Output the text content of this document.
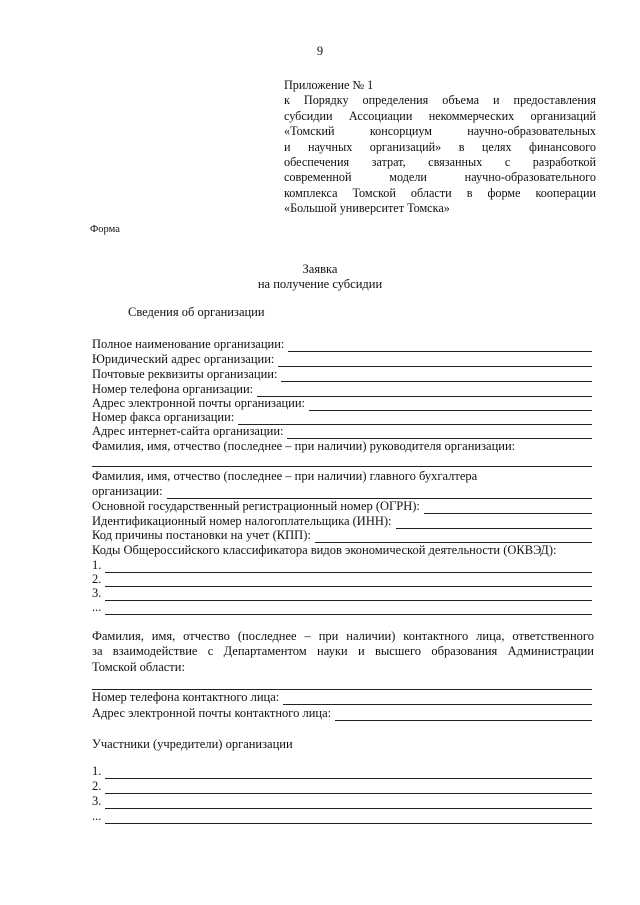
9
Приложение № 1
к Порядку определения объема и предоставления
субсидии Ассоциации некоммерческих организаций
«Томский консорциум научно-образовательных
и научных организаций» в целях финансового
обеспечения затрат, связанных с разработкой
современной модели научно-образовательного
комплекса Томской области в форме кооперации
«Большой университет Томска»
Форма
Заявка
на получение субсидии
Сведения об организации
Полное наименование организации:
Юридический адрес организации:
Почтовые реквизиты организации:
Номер телефона организации:
Адрес электронной почты организации:
Номер факса организации:
Адрес интернет-сайта организации:
Фамилия, имя, отчество (последнее – при наличии) руководителя организации:
Фамилия, имя, отчество (последнее – при наличии) главного бухгалтера
организации:
Основной государственный регистрационный номер (ОГРН):
Идентификационный номер налогоплательщика (ИНН):
Код причины постановки на учет (КПП):
Коды Общероссийского классификатора видов экономической деятельности (ОКВЭД):
1.
2.
3.
...
Фамилия, имя, отчество (последнее – при наличии) контактного лица, ответственного
за взаимодействие с Департаментом науки и высшего образования Администрации
Томской области:
Номер телефона контактного лица:
Адрес электронной почты контактного лица:
Участники (учредители) организации
1.
2.
3.
...
